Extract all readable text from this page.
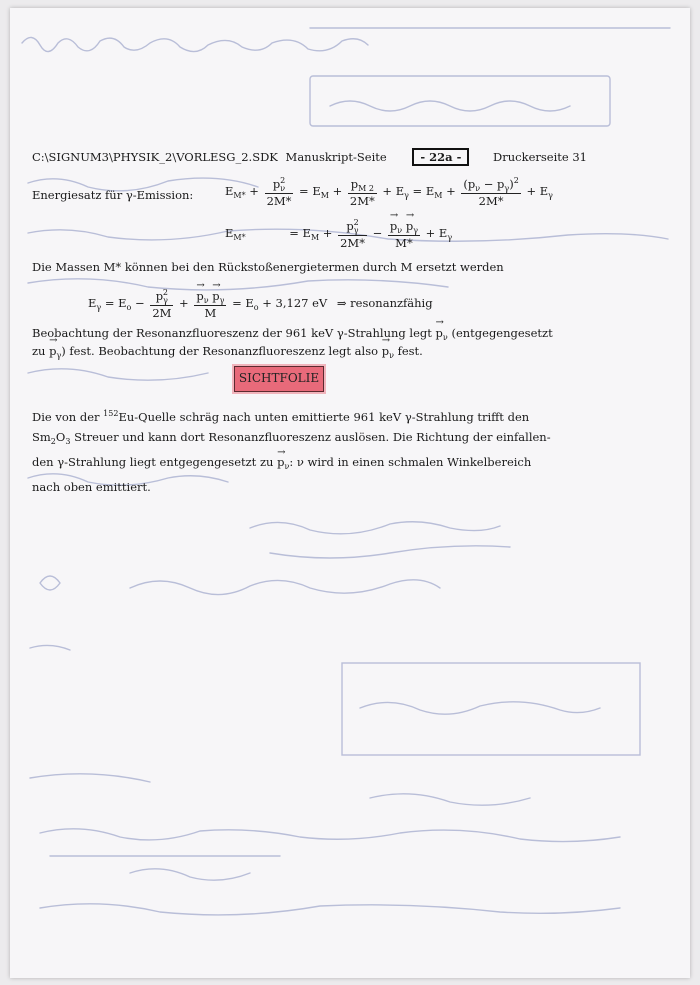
C:\SIGNUM3\PHYSIK_2\VORLESG_2.SDK Manuskript-Seite	- 22a -	Druckerseite 31
Energiesatz für γ-Emission:	$E_{M*} + \frac{p_\nu^2}{2M*} = E_M + \frac{p_{M 2}}{2M*} + E_\gamma = E_M + \frac{(p_\nu - p_\gamma)^2}{2M*} + E_\gamma$
$E_{M*}$	= $E_M + \frac{p_\gamma^2}{2M*}$ − → $\frac{p_\nu \to p_\gamma}{M*} + E_\gamma$
Die Massen M* können bei den Rückstoßenergietermen durch M ersetzt werden
$E_\gamma = E_o - \frac{p_\gamma^2}{2M}$ + → $\frac{p_\nu \to p_\gamma}{M} = E_o + 3,127$ eV ⇒ resonanzfähig
Beobachtung der Resonanzfluoreszenz der 961 keV γ-Strahlung legt → $p_\nu$ (entgegengesetzt
zu → $p_\gamma$) fest. Beobachtung der Resonanzfluoreszenz legt also → $p_\nu$ fest.
SICHTFOLIE
Die von der $^{152}$Eu-Quelle schräg nach unten emittierte 961 keV γ-Strahlung trifft den
$Sm_2O_3$ Streuer und kann dort Resonanzfluoreszenz auslösen. Die Richtung der einfallen-
den γ-Strahlung liegt entgegengesetzt zu → $p_\nu$: ν wird in einen schmalen Winkelbereich
nach oben emittiert.
